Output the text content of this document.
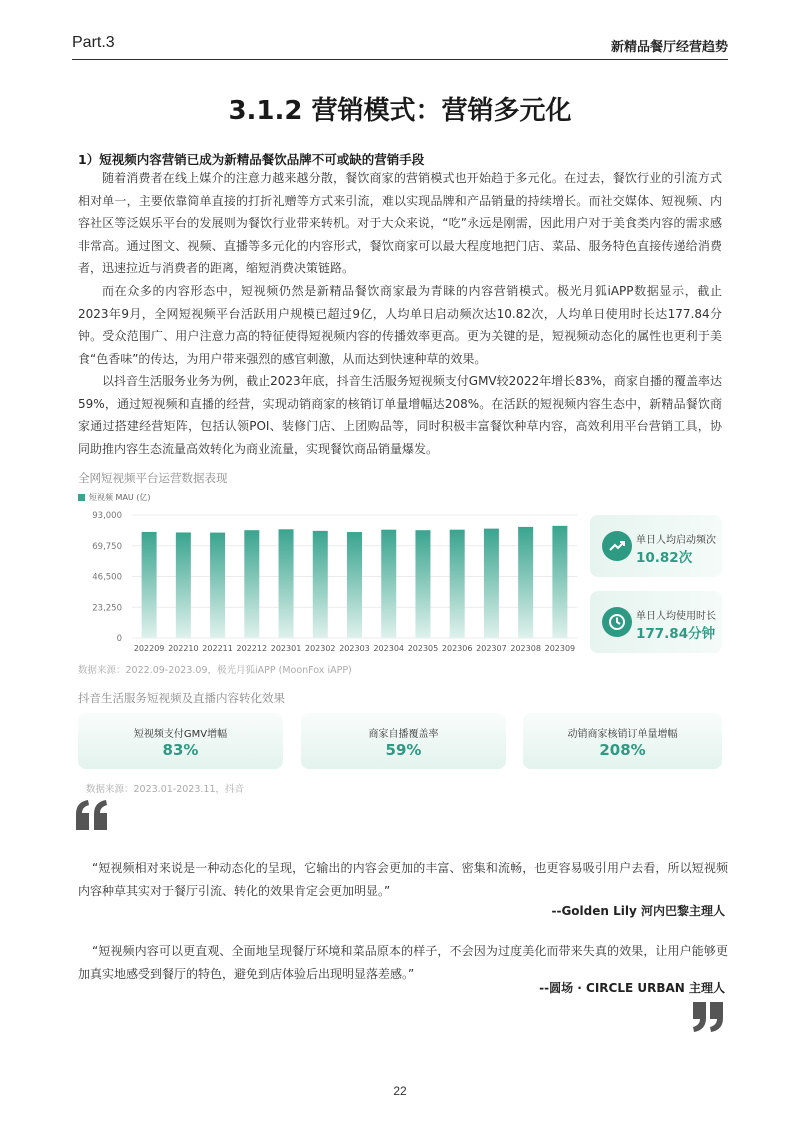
Part.3	新精品餐厅经营趋势
3.1.2 营销模式：营销多元化
1）短视频内容营销已成为新精品餐饮品牌不可或缺的营销手段

随着消费者在线上媒介的注意力越来越分散，餐饮商家的营销模式也开始趋于多元化。在过去，餐饮行业的引流方式相对单一，主要依靠简单直接的打折礼赠等方式来引流，难以实现品牌和产品销量的持续增长。而社交媒体、短视频、内容社区等泛娱乐平台的发展则为餐饮行业带来转机。对于大众来说，“吃”永远是刚需，因此用户对于美食类内容的需求感非常高。通过图文、视频、直播等多元化的内容形式，餐饮商家可以最大程度地把门店、菜品、服务特色直接传递给消费者，迅速拉近与消费者的距离，缩短消费决策链路。

而在众多的内容形态中，短视频仍然是新精品餐饮商家最为青睐的内容营销模式。极光月狐iAPP数据显示，截止2023年9月，全网短视频平台活跃用户规模已超过9亿，人均单日启动频次达10.82次，人均单日使用时长达177.84分钟。受众范围广、用户注意力高的特征使得短视频内容的传播效率更高。更为关键的是，短视频动态化的属性也更利于美食“色香味”的传达，为用户带来强烈的感官刺激，从而达到快速种草的效果。

以抖音生活服务业务为例，截止2023年底，抖音生活服务短视频支付GMV较2022年增长83%，商家自播的覆盖率达59%，通过短视频和直播的经营，实现动销商家的核销订单量增幅达208%。在活跃的短视频内容生态中，新精品餐饮商家通过搭建经营矩阵，包括认领POI、装修门店、上团购品等，同时积极丰富餐饮种草内容，高效利用平台营销工具，协同助推内容生态流量高效转化为商业流量，实现餐饮商品销量爆发。

全网短视频平台运营数据表现
短视频 MAU (亿)
0
23,250
46,500
69,750
93,000
202209 202210 202211 202212 202301 202302 202303 202304 202305 202306 202307 202308 202309
单日人均启动频次
10.82次
单日人均使用时长
177.84分钟
数据来源：2022.09-2023.09，极光月狐iAPP (MoonFox iAPP)
抖音生活服务短视频及直播内容转化效果
短视频支付GMV增幅
83%
商家自播覆盖率
59%
动销商家核销订单量增幅
208%
数据来源：2023.01-2023.11，抖音

“短视频相对来说是一种动态化的呈现，它输出的内容会更加的丰富、密集和流畅，也更容易吸引用户去看，所以短视频内容种草其实对于餐厅引流、转化的效果肯定会更加明显。”

--Golden Lily 河内巴黎主理人

“短视频内容可以更直观、全面地呈现餐厅环境和菜品原本的样子，不会因为过度美化而带来失真的效果，让用户能够更加真实地感受到餐厅的特色，避免到店体验后出现明显落差感。”

--圆场 · CIRCLE URBAN 主理人
22
